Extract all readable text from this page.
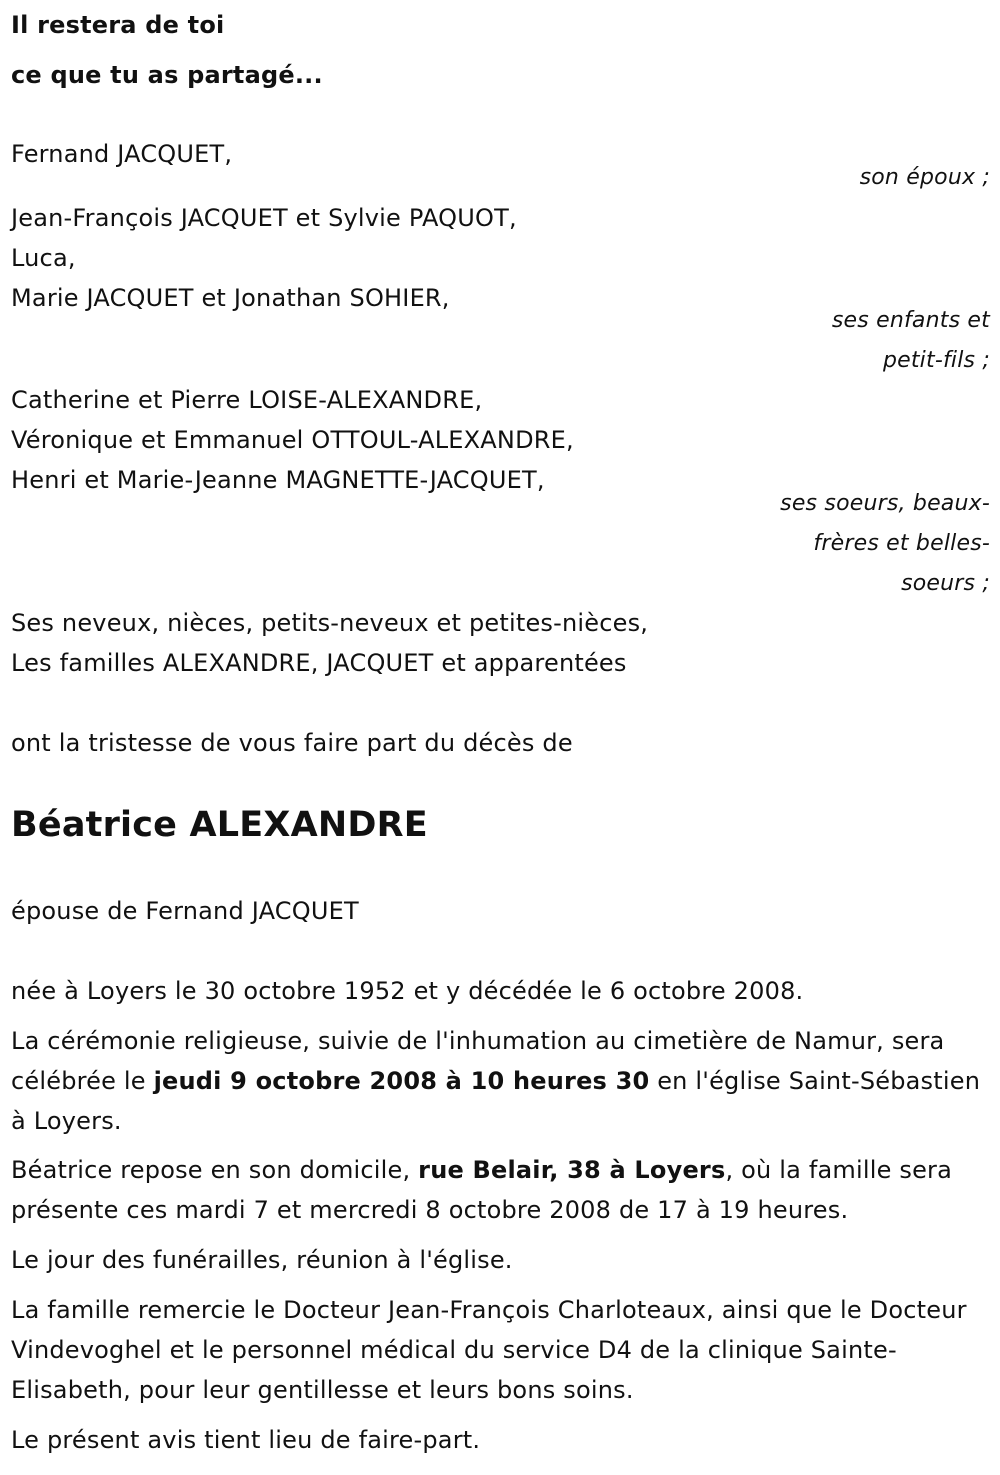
Il restera de toi
ce que tu as partagé...
Fernand JACQUET,
son époux ;
Jean-François JACQUET et Sylvie PAQUOT,
Luca,
Marie JACQUET et Jonathan SOHIER,
ses enfants et
petit-fils ;
Catherine et Pierre LOISE-ALEXANDRE,
Véronique et Emmanuel OTTOUL-ALEXANDRE,
Henri et Marie-Jeanne MAGNETTE-JACQUET,
ses soeurs, beaux-
frères et belles-
soeurs ;
Ses neveux, nièces, petits-neveux et petites-nièces,
Les familles ALEXANDRE, JACQUET et apparentées
ont la tristesse de vous faire part du décès de
Béatrice ALEXANDRE
épouse de Fernand JACQUET
née à Loyers le 30 octobre 1952 et y décédée le 6 octobre 2008.
La cérémonie religieuse, suivie de l'inhumation au cimetière de Namur, sera célébrée le jeudi 9 octobre 2008 à 10 heures 30 en l'église Saint-Sébastien à Loyers.
Béatrice repose en son domicile, rue Belair, 38 à Loyers, où la famille sera présente ces mardi 7 et mercredi 8 octobre 2008 de 17 à 19 heures.
Le jour des funérailles, réunion à l'église.
La famille remercie le Docteur Jean-François Charloteaux, ainsi que le Docteur Vindevoghel et le personnel médical du service D4 de la clinique Sainte-Elisabeth, pour leur gentillesse et leurs bons soins.
Le présent avis tient lieu de faire-part.
